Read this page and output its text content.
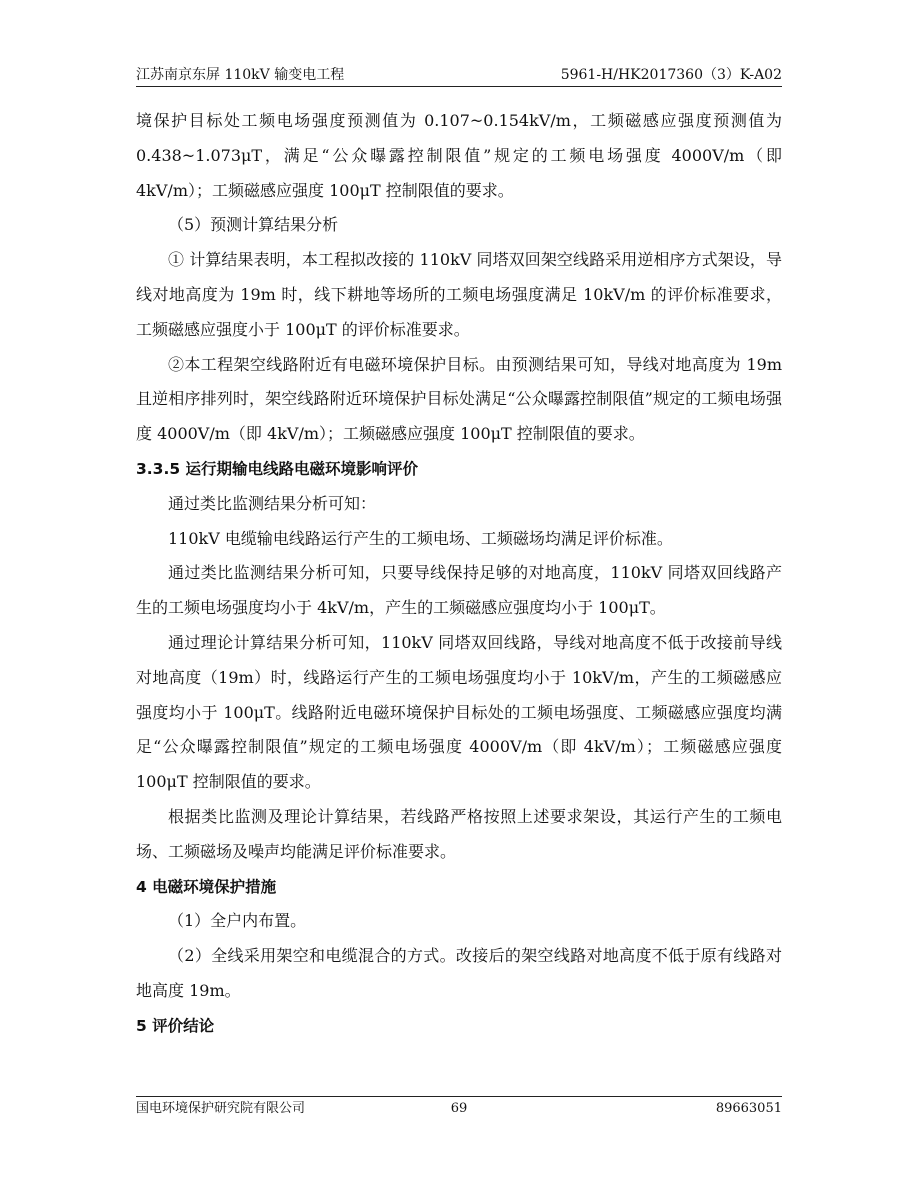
江苏南京东屏 110kV 输变电工程	5961-H/HK2017360（3）K-A02

境保护目标处工频电场强度预测值为 0.107~0.154kV/m，工频磁感应强度预测值为0.438~1.073μT，满足“公众曝露控制限值”规定的工频电场强度 4000V/m（即 4kV/m）；工频磁感应强度 100μT 控制限值的要求。

（5）预测计算结果分析

① 计算结果表明，本工程拟改接的 110kV 同塔双回架空线路采用逆相序方式架设，导线对地高度为 19m 时，线下耕地等场所的工频电场强度满足 10kV/m 的评价标准要求，工频磁感应强度小于 100μT 的评价标准要求。

②本工程架空线路附近有电磁环境保护目标。由预测结果可知，导线对地高度为 19m 且逆相序排列时，架空线路附近环境保护目标处满足“公众曝露控制限值”规定的工频电场强度 4000V/m（即 4kV/m）；工频磁感应强度 100μT 控制限值的要求。

3.3.5 运行期输电线路电磁环境影响评价

通过类比监测结果分析可知：

110kV 电缆输电线路运行产生的工频电场、工频磁场均满足评价标准。

通过类比监测结果分析可知，只要导线保持足够的对地高度，110kV 同塔双回线路产生的工频电场强度均小于 4kV/m，产生的工频磁感应强度均小于 100μT。

通过理论计算结果分析可知，110kV 同塔双回线路，导线对地高度不低于改接前导线对地高度（19m）时，线路运行产生的工频电场强度均小于 10kV/m，产生的工频磁感应强度均小于 100μT。线路附近电磁环境保护目标处的工频电场强度、工频磁感应强度均满足“公众曝露控制限值”规定的工频电场强度 4000V/m（即 4kV/m）；工频磁感应强度 100μT 控制限值的要求。

根据类比监测及理论计算结果，若线路严格按照上述要求架设，其运行产生的工频电场、工频磁场及噪声均能满足评价标准要求。

4 电磁环境保护措施

（1）全户内布置。

（2）全线采用架空和电缆混合的方式。改接后的架空线路对地高度不低于原有线路对地高度 19m。

5 评价结论

国电环境保护研究院有限公司	69	89663051
